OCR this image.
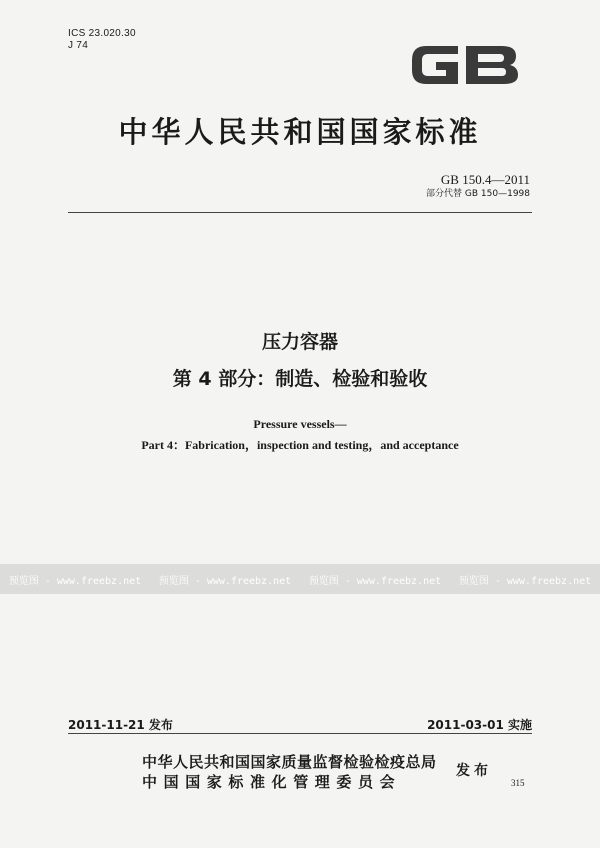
ICS 23.020.30
J 74
中华人民共和国国家标准
GB 150.4—2011
部分代替 GB 150—1998
压力容器
第 4 部分：制造、检验和验收
Pressure vessels—
Part 4：Fabrication，inspection and testing，and acceptance
预览图 - www.freebz.net 预览图 - www.freebz.net 预览图 - www.freebz.net 预览图 - www.freebz.net
2011-11-21 发布	2011-03-01 实施
中华人民共和国国家质量监督检验检疫总局
中国国家标准化管理委员会
发布
315
